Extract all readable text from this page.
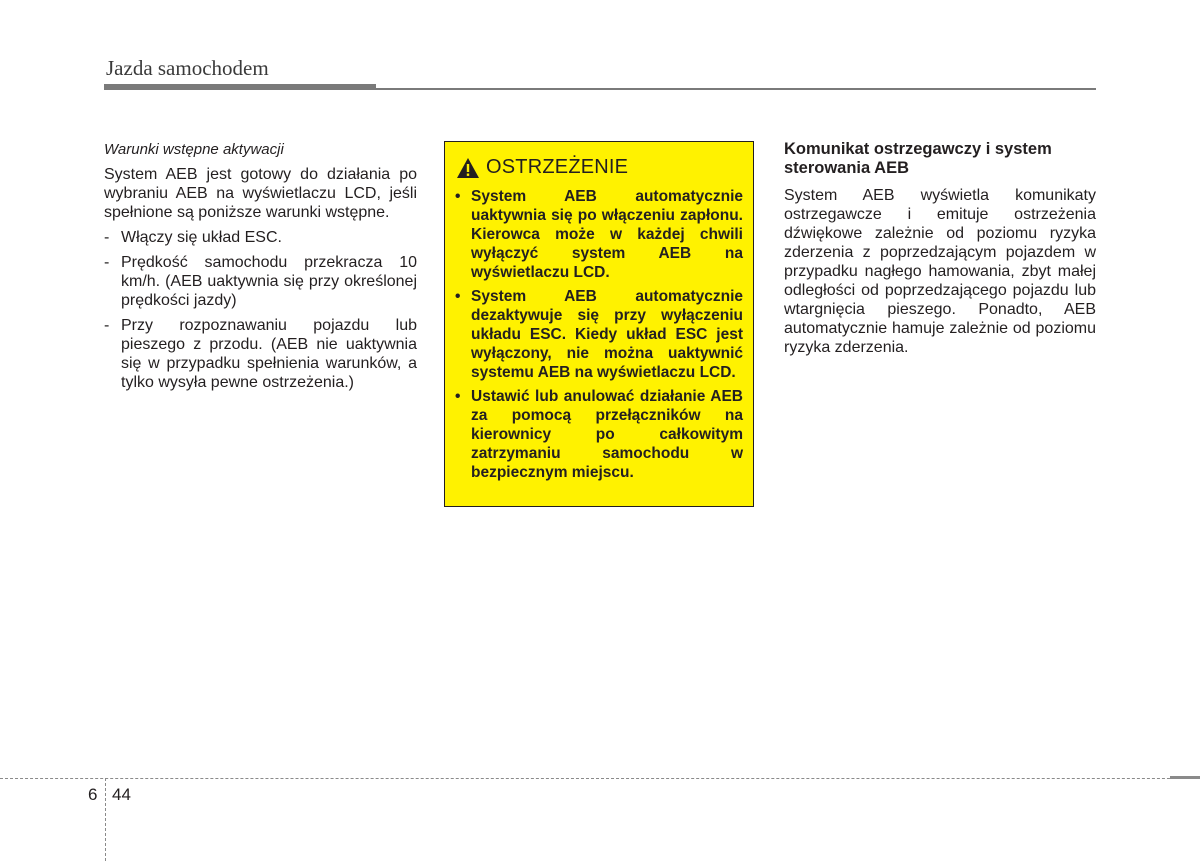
Jazda samochodem

Warunki wstępne aktywacji

System AEB jest gotowy do działania po wybraniu AEB na wyświetlaczu LCD, jeśli spełnione są poniższe warunki wstępne.

- Włączy się układ ESC.
- Prędkość samochodu przekracza 10 km/h. (AEB uaktywnia się przy określonej prędkości jazdy)
- Przy rozpoznawaniu pojazdu lub pieszego z przodu. (AEB nie uaktywnia się w przypadku spełnienia warunków, a tylko wysyła pewne ostrzeżenia.)
OSTRZEŻENIE
• System AEB automatycznie uaktywnia się po włączeniu zapłonu. Kierowca może w każdej chwili wyłączyć system AEB na wyświetlaczu LCD.
• System AEB automatycznie dezaktywuje się przy wyłączeniu układu ESC. Kiedy układ ESC jest wyłączony, nie można uaktywnić systemu AEB na wyświetlaczu LCD.
• Ustawić lub anulować działanie AEB za pomocą przełączników na kierownicy po całkowitym zatrzymaniu samochodu w bezpiecznym miejscu.

Komunikat ostrzegawczy i system sterowania AEB

System AEB wyświetla komunikaty ostrzegawcze i emituje ostrzeżenia dźwiękowe zależnie od poziomu ryzyka zderzenia z poprzedzającym pojazdem w przypadku nagłego hamowania, zbyt małej odległości od poprzedzającego pojazdu lub wtargnięcia pieszego. Ponadto, AEB automatycznie hamuje zależnie od poziomu ryzyka zderzenia.

6 44
